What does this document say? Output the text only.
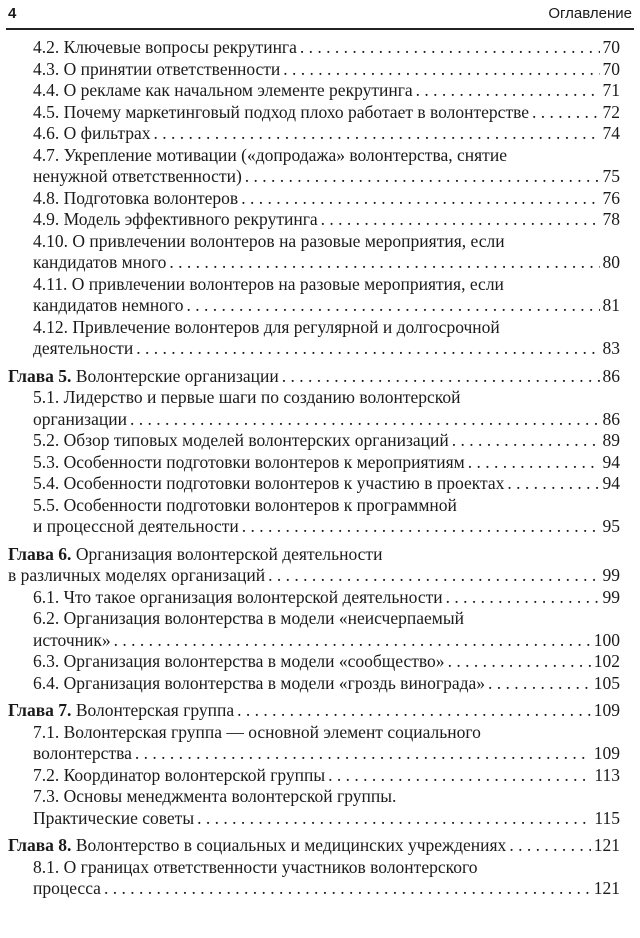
4	Оглавление
4.2. Ключевые вопросы рекрутинга . . .	70
4.3. О принятии ответственности . . .	70
4.4. О рекламе как начальном элементе рекрутинга . . .	71
4.5. Почему маркетинговый подход плохо работает в волонтерстве . . .	72
4.6. О фильтрах . . .	74
4.7. Укрепление мотивации («допродажа» волонтерства, снятие
ненужной ответственности) . . .	75
4.8. Подготовка волонтеров . . .	76
4.9. Модель эффективного рекрутинга . . .	78
4.10. О привлечении волонтеров на разовые мероприятия, если
кандидатов много . . .	80
4.11. О привлечении волонтеров на разовые мероприятия, если
кандидатов немного . . .	81
4.12. Привлечение волонтеров для регулярной и долгосрочной
деятельности . . .	83
Глава 5. Волонтерские организации . . .	86
5.1. Лидерство и первые шаги по созданию волонтерской
организации . . .	86
5.2. Обзор типовых моделей волонтерских организаций . . .	89
5.3. Особенности подготовки волонтеров к мероприятиям . . .	94
5.4. Особенности подготовки волонтеров к участию в проектах . . .	94
5.5. Особенности подготовки волонтеров к программной
и процессной деятельности . . .	95
Глава 6. Организация волонтерской деятельности
в различных моделях организаций . . .	99
6.1. Что такое организация волонтерской деятельности . . .	99
6.2. Организация волонтерства в модели «неисчерпаемый
источник» . . .	100
6.3. Организация волонтерства в модели «сообщество» . . .	102
6.4. Организация волонтерства в модели «гроздь винограда» . . .	105
Глава 7. Волонтерская группа . . .	109
7.1. Волонтерская группа — основной элемент социального
волонтерства . . .	109
7.2. Координатор волонтерской группы . . .	113
7.3. Основы менеджмента волонтерской группы.
Практические советы . . .	115
Глава 8. Волонтерство в социальных и медицинских учреждениях . . .	121
8.1. О границах ответственности участников волонтерского
процесса . . .	121
